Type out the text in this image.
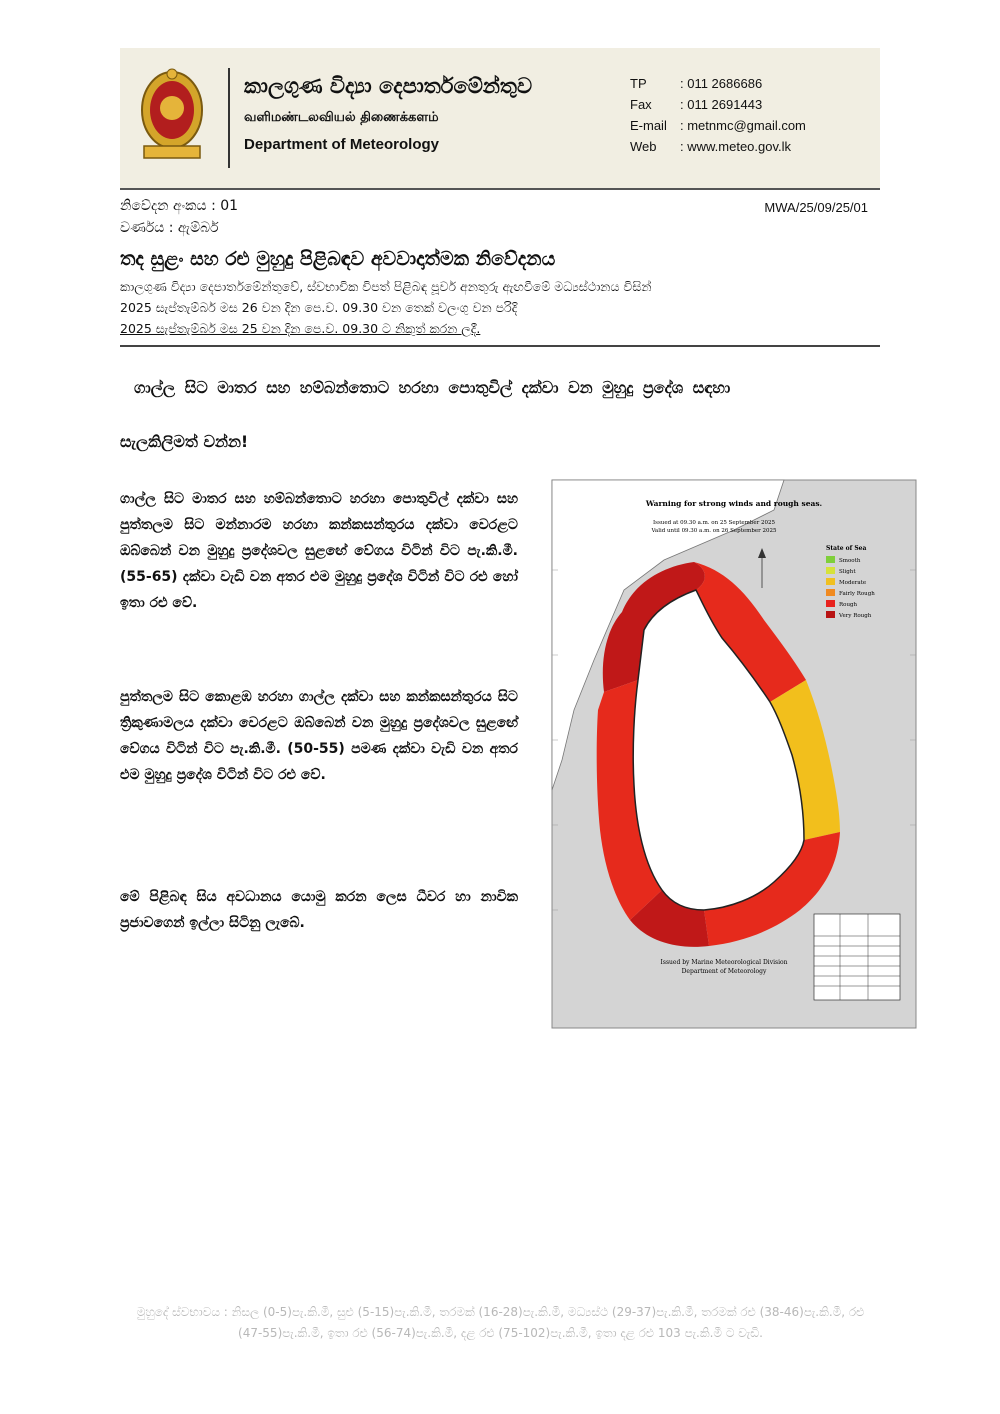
කාලගුණ විද්‍යා දෙපාර්තමේන්තුව
வளிமண்டலவியல் திணைக்களம்
Department of Meteorology
TP	: 011 2686686
Fax	: 011 2691443
E-mail	: metnmc@gmail.com
Web	: www.meteo.gov.lk
නිවේදන අංකය : 01
වර්ණය : ඇම්බර්
MWA/25/09/25/01
තද සුළං සහ රළු මුහුදු පිළිබඳව අවවාදාත්මක නිවේදනය
කාලගුණ විද්‍යා දෙපාර්තමේන්තුවේ, ස්වභාවික විපත් පිළිබඳ පූර්ව අනතුරු ඇඟවීමේ මධ්‍යස්ථානය විසින්
2025 සැප්තැම්බර් මස 26 වන දින පෙ.ව. 09.30 වන තෙක් වලංගු වන පරිදි
2025 සැප්තැම්බර් මස 25 වන දින පෙ.ව. 09.30 ට නිකුත් කරන ලදී.
ගාල්ල සිට මාතර සහ හම්බන්තොට හරහා පොතුවිල් දක්වා වන මුහුදු ප්‍රදේශ සඳහා
සැලකිලිමත් වන්න!
ගාල්ල සිට මාතර සහ හම්බන්තොට හරහා පොතුවිල් දක්වා සහ පුත්තලම සිට මන්නාරම හරහා කන්කසන්තුරය දක්වා වෙරළට ඔබ්බෙන් වන මුහුදු ප්‍රදේශවල සුළඟේ වේගය විටින් විට පැ.කි.මී. (55-65) දක්වා වැඩි වන අතර එම මුහුදු ප්‍රදේශ විටින් විට රළු හෝ ඉතා රළු වේ.
පුත්තලම සිට කොළඹ හරහා ගාල්ල දක්වා සහ කන්කසන්තුරය සිට ත්‍රිකුණාමලය දක්වා වෙරළට ඔබ්බෙන් වන මුහුදු ප්‍රදේශවල සුළඟේ වේගය විටින් විට පැ.කි.මී. (50-55) පමණ දක්වා වැඩි වන අතර එම මුහුදු ප්‍රදේශ විටින් විට රළු වේ.
මේ පිළිබඳ සිය අවධානය යොමු කරන ලෙස ධීවර හා නාවික ප්‍රජාවගෙන් ඉල්ලා සිටිනු ලැබේ.
Warning for strong winds and rough seas.
Issued at 09.30 a.m. on 25 September 2025
Valid until 09.30 a.m. on 26 September 2025
State of Sea
Smooth
Slight
Moderate
Fairly Rough
Rough
Very Rough
Issued by Marine Meteorological Division
Department of Meteorology
මුහුදේ ස්වභාවය : නිසල (0-5)පැ.කි.මී, සුළු (5-15)පැ.කි.මී, තරමක් (16-28)පැ.කි.මී, මධ්‍යස්ථ (29-37)පැ.කි.මී, තරමක් රළු (38-46)පැ.කි.මී, රළු (47-55)පැ.කි.මී, ඉතා රළු (56-74)පැ.කි.මී, දළ රළු (75-102)පැ.කි.මී, ඉතා දළ රළු 103 පැ.කි.මී ට වැඩි.
